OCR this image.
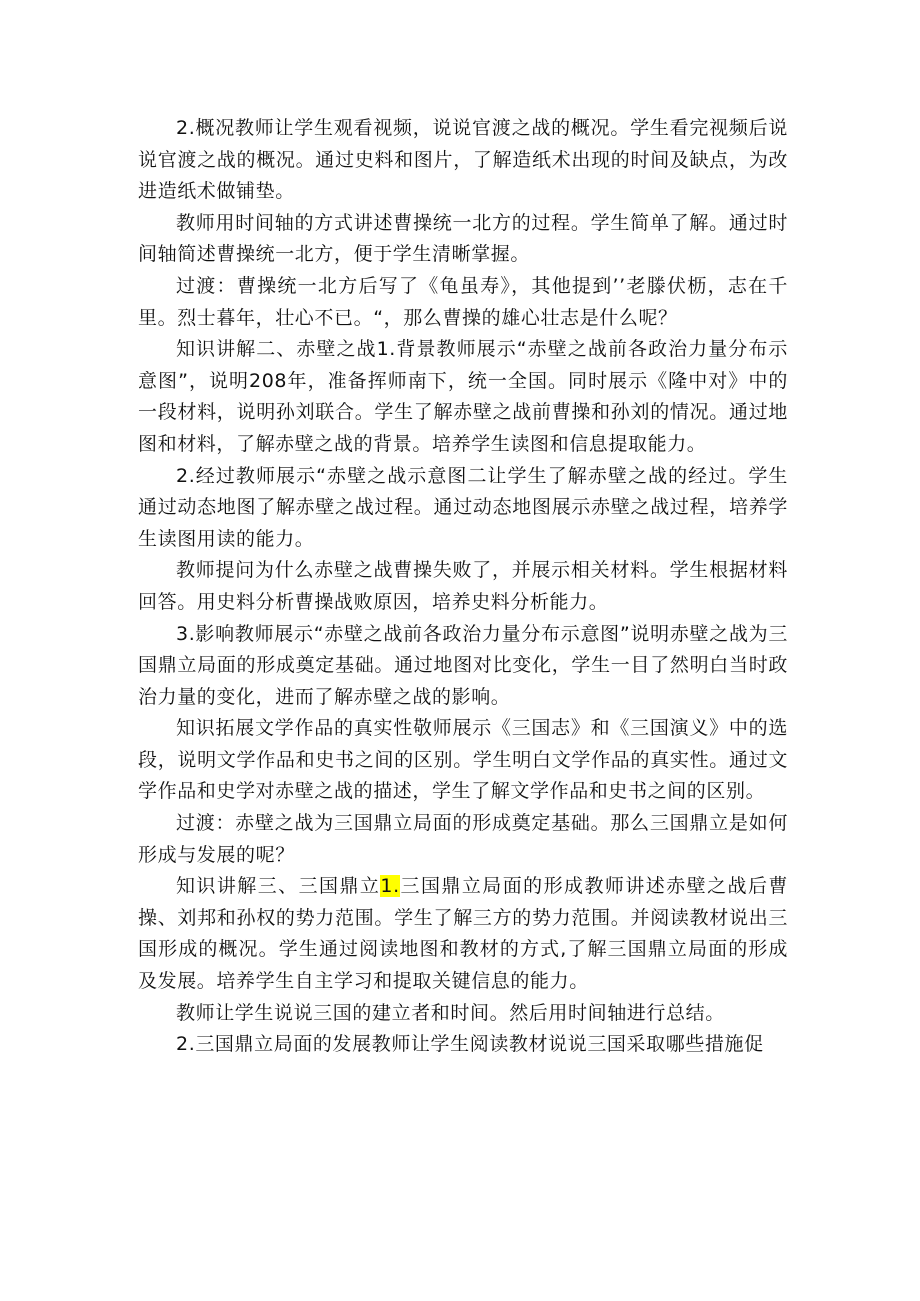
2.概况教师让学生观看视频，说说官渡之战的概况。学生看完视频后说说官渡之战的概况。通过史料和图片，了解造纸术出现的时间及缺点，为改进造纸术做铺垫。

教师用时间轴的方式讲述曹操统一北方的过程。学生简单了解。通过时间轴简述曹操统一北方，便于学生清晰掌握。

过渡：曹操统一北方后写了《龟虽寿》，其他提到’’老滕伏枥，志在千里。烈士暮年，壮心不已。“，那么曹操的雄心壮志是什么呢？

知识讲解二、赤壁之战1.背景教师展示“赤壁之战前各政治力量分布示意图”，说明208年，准备挥师南下，统一全国。同时展示《隆中对》中的一段材料，说明孙刘联合。学生了解赤壁之战前曹操和孙刘的情况。通过地图和材料，了解赤壁之战的背景。培养学生读图和信息提取能力。

2.经过教师展示“赤壁之战示意图二让学生了解赤壁之战的经过。学生通过动态地图了解赤壁之战过程。通过动态地图展示赤壁之战过程，培养学生读图用读的能力。

教师提问为什么赤壁之战曹操失败了，并展示相关材料。学生根据材料回答。用史料分析曹操战败原因，培养史料分析能力。

3.影响教师展示“赤壁之战前各政治力量分布示意图”说明赤壁之战为三国鼎立局面的形成奠定基础。通过地图对比变化，学生一目了然明白当时政治力量的变化，进而了解赤壁之战的影响。

知识拓展文学作品的真实性敬师展示《三国志》和《三国演义》中的选段，说明文学作品和史书之间的区别。学生明白文学作品的真实性。通过文学作品和史学对赤壁之战的描述，学生了解文学作品和史书之间的区别。

过渡：赤壁之战为三国鼎立局面的形成奠定基础。那么三国鼎立是如何形成与发展的呢？

知识讲解三、三国鼎立1.三国鼎立局面的形成教师讲述赤壁之战后曹操、刘邦和孙权的势力范围。学生了解三方的势力范围。并阅读教材说出三国形成的概况。学生通过阅读地图和教材的方式,了解三国鼎立局面的形成及发展。培养学生自主学习和提取关键信息的能力。

教师让学生说说三国的建立者和时间。然后用时间轴进行总结。

2.三国鼎立局面的发展教师让学生阅读教材说说三国采取哪些措施促
